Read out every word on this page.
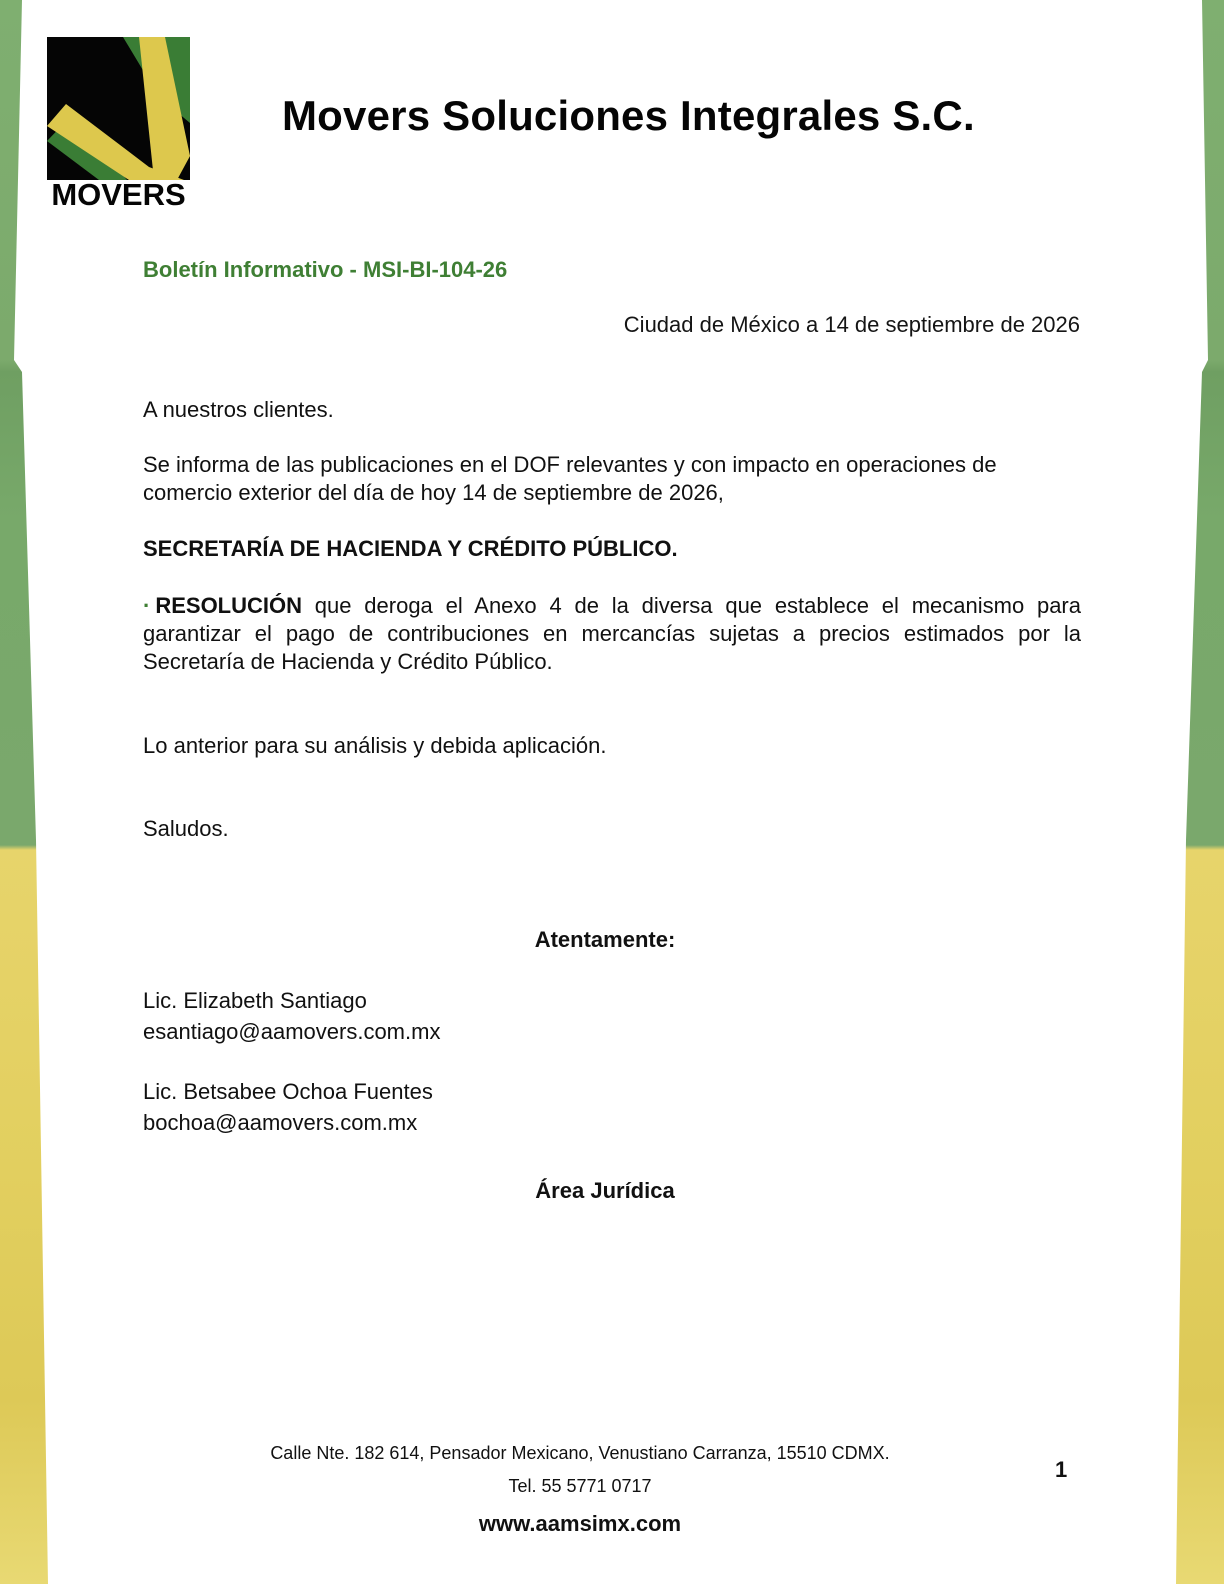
MOVERS
Movers Soluciones Integrales S.C.
Boletín Informativo - MSI-BI-104-26
Ciudad de México a 14 de septiembre de 2026
A nuestros clientes.
Se informa de las publicaciones en el DOF relevantes y con impacto en operaciones de comercio exterior del día de hoy 14 de septiembre de 2026,
SECRETARÍA DE HACIENDA Y CRÉDITO PÚBLICO.
· RESOLUCIÓN que deroga el Anexo 4 de la diversa que establece el mecanismo para garantizar el pago de contribuciones en mercancías sujetas a precios estimados por la Secretaría de Hacienda y Crédito Público.
Lo anterior para su análisis y debida aplicación.
Saludos.
Atentamente:
Lic. Elizabeth Santiago
esantiago@aamovers.com.mx
Lic. Betsabee Ochoa Fuentes
bochoa@aamovers.com.mx
Área Jurídica
Calle Nte. 182 614, Pensador Mexicano, Venustiano Carranza, 15510 CDMX.
Tel. 55 5771 0717
www.aamsimx.com
1
